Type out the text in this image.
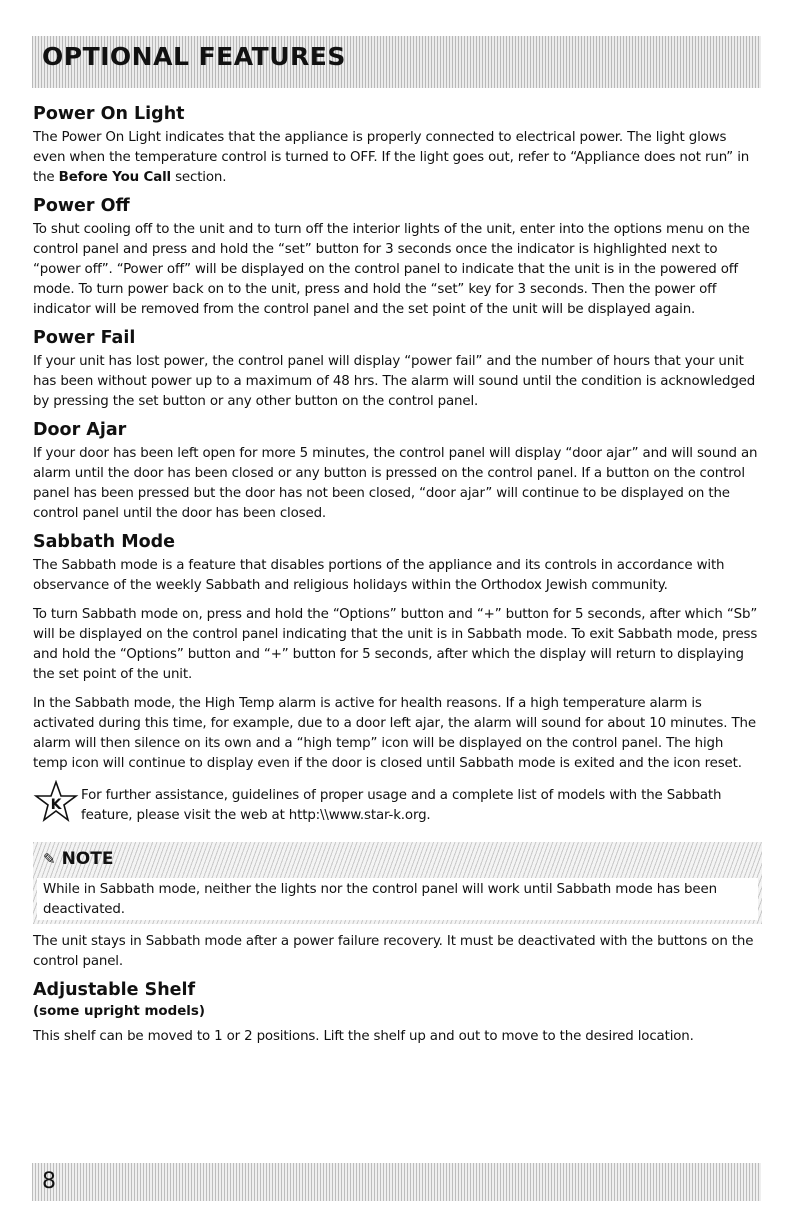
OPTIONAL FEATURES
Power On Light

The Power On Light indicates that the appliance is properly connected to electrical power. The light glows even when the temperature control is turned to OFF. If the light goes out, refer to “Appliance does not run” in the Before You Call section.

Power Off

To shut cooling off to the unit and to turn off the interior lights of the unit, enter into the options menu on the control panel and press and hold the “set” button for 3 seconds once the indicator is highlighted next to “power off”. “Power off” will be displayed on the control panel to indicate that the unit is in the powered off mode. To turn power back on to the unit, press and hold the “set” key for 3 seconds. Then the power off indicator will be removed from the control panel and the set point of the unit will be displayed again.

Power Fail

If your unit has lost power, the control panel will display “power fail” and the number of hours that your unit has been without power up to a maximum of 48 hrs. The alarm will sound until the condition is acknowledged by pressing the set button or any other button on the control panel.

Door Ajar

If your door has been left open for more 5 minutes, the control panel will display “door ajar” and will sound an alarm until the door has been closed or any button is pressed on the control panel. If a button on the control panel has been pressed but the door has not been closed, “door ajar” will continue to be displayed on the control panel until the door has been closed.

Sabbath Mode

The Sabbath mode is a feature that disables portions of the appliance and its controls in accordance with observance of the weekly Sabbath and religious holidays within the Orthodox Jewish community.

To turn Sabbath mode on, press and hold the “Options” button and “+” button for 5 seconds, after which “Sb” will be displayed on the control panel indicating that the unit is in Sabbath mode. To exit Sabbath mode, press and hold the “Options” button and “+” button for 5 seconds, after which the display will return to displaying the set point of the unit.

In the Sabbath mode, the High Temp alarm is active for health reasons. If a high temperature alarm is activated during this time, for example, due to a door left ajar, the alarm will sound for about 10 minutes. The alarm will then silence on its own and a “high temp” icon will be displayed on the control panel. The high temp icon will continue to display even if the door is closed until Sabbath mode is exited and the icon reset.

K

For further assistance, guidelines of proper usage and a complete list of models with the Sabbath feature, please visit the web at http:\\www.star-k.org.

✎ NOTE

While in Sabbath mode, neither the lights nor the control panel will work until Sabbath mode has been deactivated.

The unit stays in Sabbath mode after a power failure recovery. It must be deactivated with the buttons on the control panel.

Adjustable Shelf
(some upright models)

This shelf can be moved to 1 or 2 positions. Lift the shelf up and out to move to the desired location.

8
